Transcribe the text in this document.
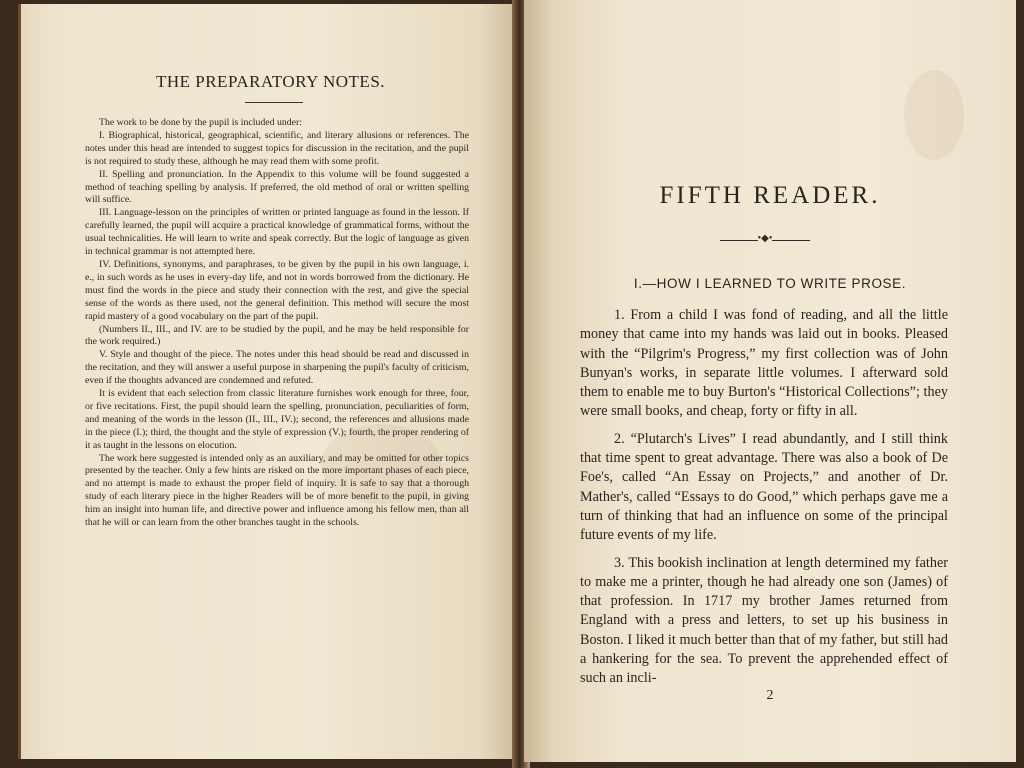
THE PREPARATORY NOTES.

The work to be done by the pupil is included under:

I. Biographical, historical, geographical, scientific, and literary allusions or references. The notes under this head are intended to suggest topics for discussion in the recitation, and the pupil is not required to study these, although he may read them with some profit.

II. Spelling and pronunciation. In the Appendix to this volume will be found suggested a method of teaching spelling by analysis. If preferred, the old method of oral or written spelling will suffice.

III. Language-lesson on the principles of written or printed language as found in the lesson. If carefully learned, the pupil will acquire a practical knowledge of grammatical forms, without the usual technicalities. He will learn to write and speak correctly. But the logic of language as given in technical grammar is not attempted here.

IV. Definitions, synonyms, and paraphrases, to be given by the pupil in his own language, i. e., in such words as he uses in every-day life, and not in words borrowed from the dictionary. He must find the words in the piece and study their connection with the rest, and give the special sense of the words as there used, not the general definition. This method will secure the most rapid mastery of a good vocabulary on the part of the pupil.

(Numbers II., III., and IV. are to be studied by the pupil, and he may be held responsible for the work required.)

V. Style and thought of the piece. The notes under this head should be read and discussed in the recitation, and they will answer a useful purpose in sharpening the pupil's faculty of criticism, even if the thoughts advanced are condemned and refuted.

It is evident that each selection from classic literature furnishes work enough for three, four, or five recitations. First, the pupil should learn the spelling, pronunciation, peculiarities of form, and meaning of the words in the lesson (II., III., IV.); second, the references and allusions made in the piece (I.); third, the thought and the style of expression (V.); fourth, the proper rendering of it as taught in the lessons on elocution.

The work here suggested is intended only as an auxiliary, and may be omitted for other topics presented by the teacher. Only a few hints are risked on the more important phases of each piece, and no attempt is made to exhaust the proper field of inquiry. It is safe to say that a thorough study of each literary piece in the higher Readers will be of more benefit to the pupil, in giving him an insight into human life, and directive power and influence among his fellow men, than all that he will or can learn from the other branches taught in the schools.

FIFTH READER.
•◆•
I.—HOW I LEARNED TO WRITE PROSE.

1. From a child I was fond of reading, and all the little money that came into my hands was laid out in books. Pleased with the “Pilgrim's Progress,” my first collection was of John Bunyan's works, in separate little volumes. I afterward sold them to enable me to buy Burton's “Historical Collections”; they were small books, and cheap, forty or fifty in all.

2. “Plutarch's Lives” I read abundantly, and I still think that time spent to great advantage. There was also a book of De Foe's, called “An Essay on Projects,” and another of Dr. Mather's, called “Essays to do Good,” which perhaps gave me a turn of thinking that had an influence on some of the principal future events of my life.

3. This bookish inclination at length determined my father to make me a printer, though he had already one son (James) of that profession. In 1717 my brother James returned from England with a press and letters, to set up his business in Boston. I liked it much better than that of my father, but still had a hankering for the sea. To prevent the apprehended effect of such an incli-

2
